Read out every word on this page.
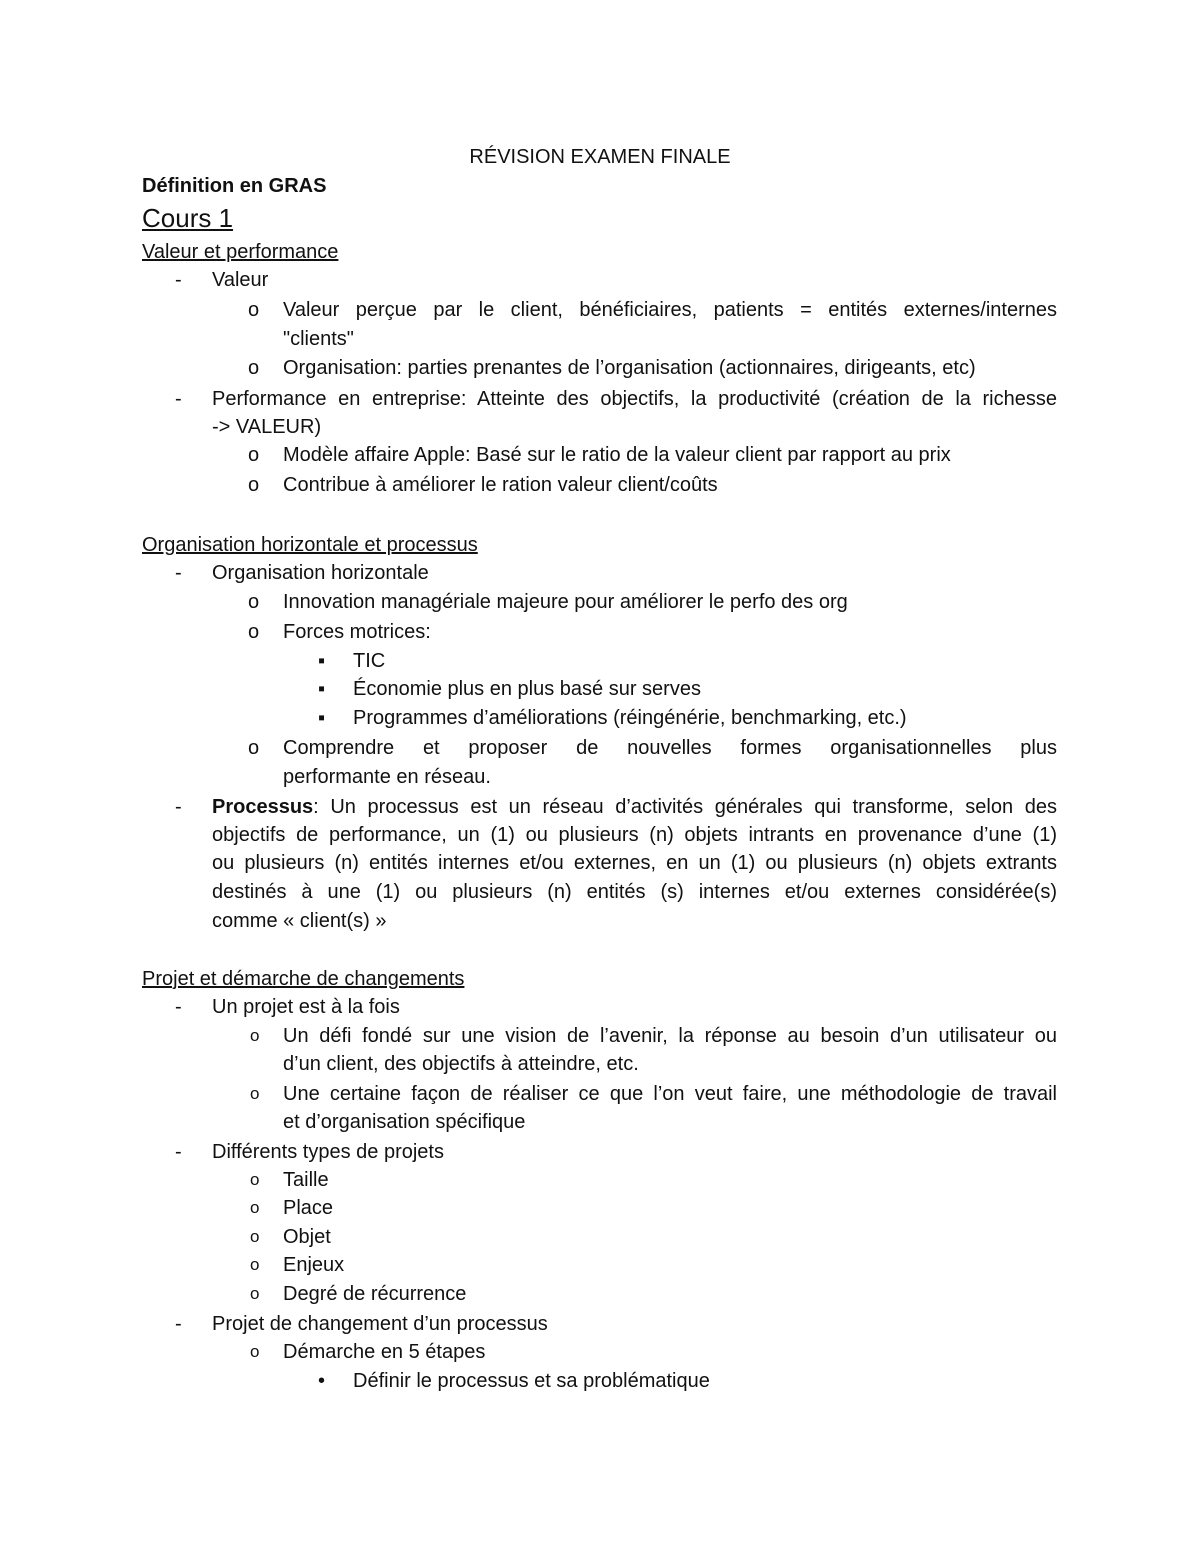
RÉVISION EXAMEN FINALE
Définition en GRAS
Cours 1
Valeur et performance
- Valeur
o Valeur perçue par le client, bénéficiaires, patients = entités externes/internes
"clients"
o Organisation: parties prenantes de l’organisation (actionnaires, dirigeants, etc)
- Performance en entreprise: Atteinte des objectifs, la productivité (création de la richesse
-> VALEUR)
o Modèle affaire Apple: Basé sur le ratio de la valeur client par rapport au prix
o Contribue à améliorer le ration valeur client/coûts
Organisation horizontale et processus
- Organisation horizontale
o Innovation managériale majeure pour améliorer le perfo des org
o Forces motrices:
▪ TIC
▪ Économie plus en plus basé sur serves
▪ Programmes d’améliorations (réingénérie, benchmarking, etc.)
o Comprendre et proposer de nouvelles formes organisationnelles plus
performante en réseau.
- Processus: Un processus est un réseau d’activités générales qui transforme, selon des
objectifs de performance, un (1) ou plusieurs (n) objets intrants en provenance d’une (1)
ou plusieurs (n) entités internes et/ou externes, en un (1) ou plusieurs (n) objets extrants
destinés à une (1) ou plusieurs (n) entités (s) internes et/ou externes considérée(s)
comme « client(s) »
Projet et démarche de changements
- Un projet est à la fois
o Un défi fondé sur une vision de l’avenir, la réponse au besoin d’un utilisateur ou
d’un client, des objectifs à atteindre, etc.
o Une certaine façon de réaliser ce que l’on veut faire, une méthodologie de travail
et d’organisation spécifique
- Différents types de projets
o Taille
o Place
o Objet
o Enjeux
o Degré de récurrence
- Projet de changement d’un processus
o Démarche en 5 étapes
• Définir le processus et sa problématique
